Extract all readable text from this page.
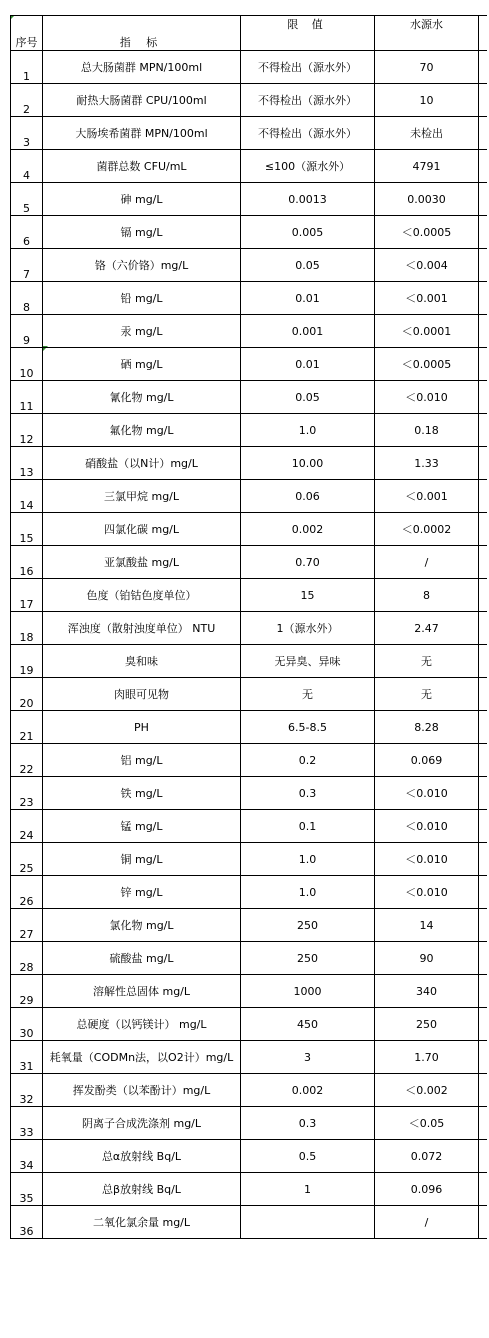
序号	指 标	限 值	水源水	
1	总大肠菌群 MPN/100ml	不得检出（源水外）	70	
2	耐热大肠菌群 CPU/100ml	不得检出（源水外）	10	
3	大肠埃希菌群 MPN/100ml	不得检出（源水外）	未检出	
4	菌群总数 CFU/mL	≤100（源水外）	4791	
5	砷 mg/L	0.0013	0.0030	
6	镉 mg/L	0.005	＜0.0005	
7	铬（六价铬）mg/L	0.05	＜0.004	
8	铅 mg/L	0.01	＜0.001	
9	汞 mg/L	0.001	＜0.0001	
10	硒 mg/L	0.01	＜0.0005	
11	氰化物 mg/L	0.05	＜0.010	
12	氟化物 mg/L	1.0	0.18	
13	硝酸盐（以N计）mg/L	10.00	1.33	
14	三氯甲烷 mg/L	0.06	＜0.001	
15	四氯化碳 mg/L	0.002	＜0.0002	
16	亚氯酸盐 mg/L	0.70	/	
17	色度（铂钴色度单位）	15	8	
18	浑浊度（散射浊度单位） NTU	1（源水外）	2.47	
19	臭和味	无异臭、异味	无	
20	肉眼可见物	无	无	
21	PH	6.5-8.5	8.28	
22	铝 mg/L	0.2	0.069	
23	铁 mg/L	0.3	＜0.010	
24	锰 mg/L	0.1	＜0.010	
25	铜 mg/L	1.0	＜0.010	
26	锌 mg/L	1.0	＜0.010	
27	氯化物 mg/L	250	14	
28	硫酸盐 mg/L	250	90	
29	溶解性总固体 mg/L	1000	340	
30	总硬度（以钙镁计） mg/L	450	250	
31	耗氧量（CODMn法，以O2计）mg/L	3	1.70	
32	挥发酚类（以苯酚计）mg/L	0.002	＜0.002	
33	阴离子合成洗涤剂 mg/L	0.3	＜0.05	
34	总α放射线 Bq/L	0.5	0.072	
35	总β放射线 Bq/L	1	0.096	
36	二氧化氯余量 mg/L		/	
